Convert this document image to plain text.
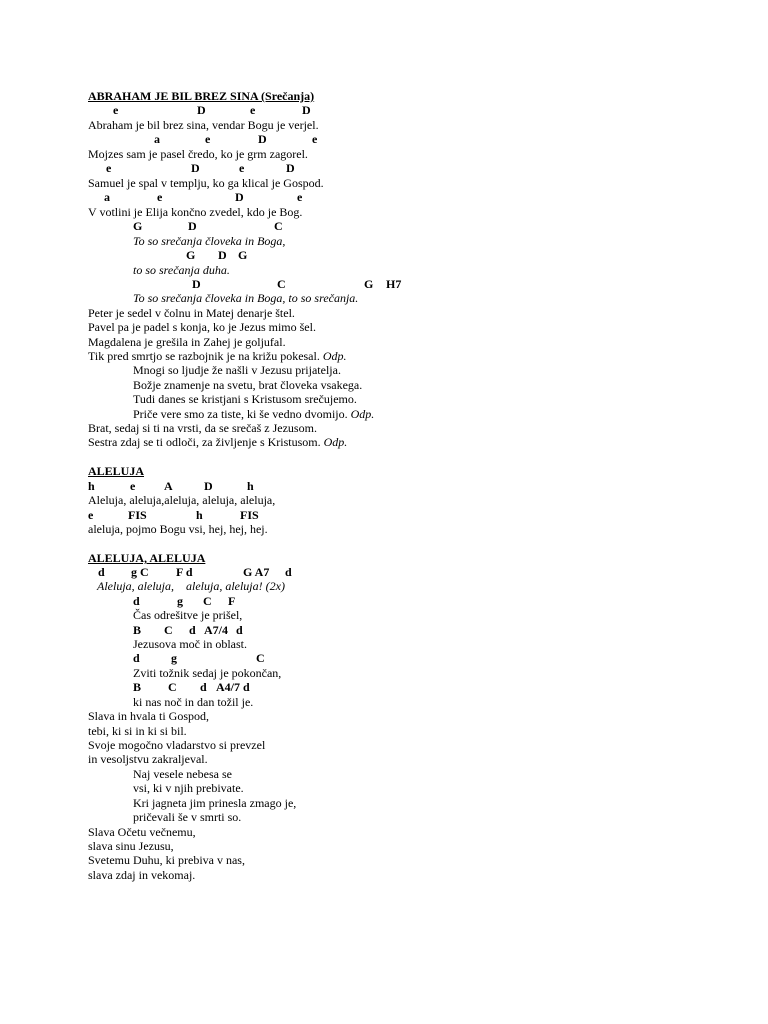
ABRAHAM JE BIL BREZ SINA (Srečanja)
e	D	e	D
Abraham je bil brez sina, vendar Bogu je verjel.
a	e	D	e
Mojzes sam je pasel čredo, ko je grm zagorel.
e	D	e	D
Samuel je spal v templju, ko ga klical je Gospod.
a	e	D	e
V votlini je Elija končno zvedel, kdo je Bog.
G	D	C
To so srečanja človeka in Boga,
G D G
to so srečanja duha.
D	C	G H7
To so srečanja človeka in Boga, to so srečanja.
Peter je sedel v čolnu in Matej denarje štel.
Pavel pa je padel s konja, ko je Jezus mimo šel.
Magdalena je grešila in Zahej je goljufal.
Tik pred smrtjo se razbojnik je na križu pokesal. Odp.
Mnogi so ljudje že našli v Jezusu prijatelja.
Božje znamenje na svetu, brat človeka vsakega.
Tudi danes se kristjani s Kristusom srečujemo.
Priče vere smo za tiste, ki še vedno dvomijo. Odp.
Brat, sedaj si ti na vrsti, da se srečaš z Jezusom.
Sestra zdaj se ti odloči, za življenje s Kristusom. Odp.
ALELUJA
h	e A	D	h
Aleluja, aleluja,aleluja, aleluja, aleluja,
e	FIS	h	FIS
aleluja, pojmo Bogu vsi, hej, hej, hej.
ALELUJA, ALELUJA
d g C F d	G A7 d
Aleluja, aleluja,    aleluja, aleluja! (2x)
d	g C F
Čas odrešitve je prišel,
B C d A7/4 d
Jezusova moč in oblast.
d	g	C
Zviti tožnik sedaj je pokončan,
B C d A4/7 d
ki nas noč in dan tožil je.
Slava in hvala ti Gospod,
tebi, ki si in ki si bil.
Svoje mogočno vladarstvo si prevzel
in vesoljstvu zakraljeval.
Naj vesele nebesa se
vsi, ki v njih prebivate.
Kri jagneta jim prinesla zmago je,
pričevali še v smrti so.
Slava Očetu večnemu,
slava sinu Jezusu,
Svetemu Duhu, ki prebiva v nas,
slava zdaj in vekomaj.
